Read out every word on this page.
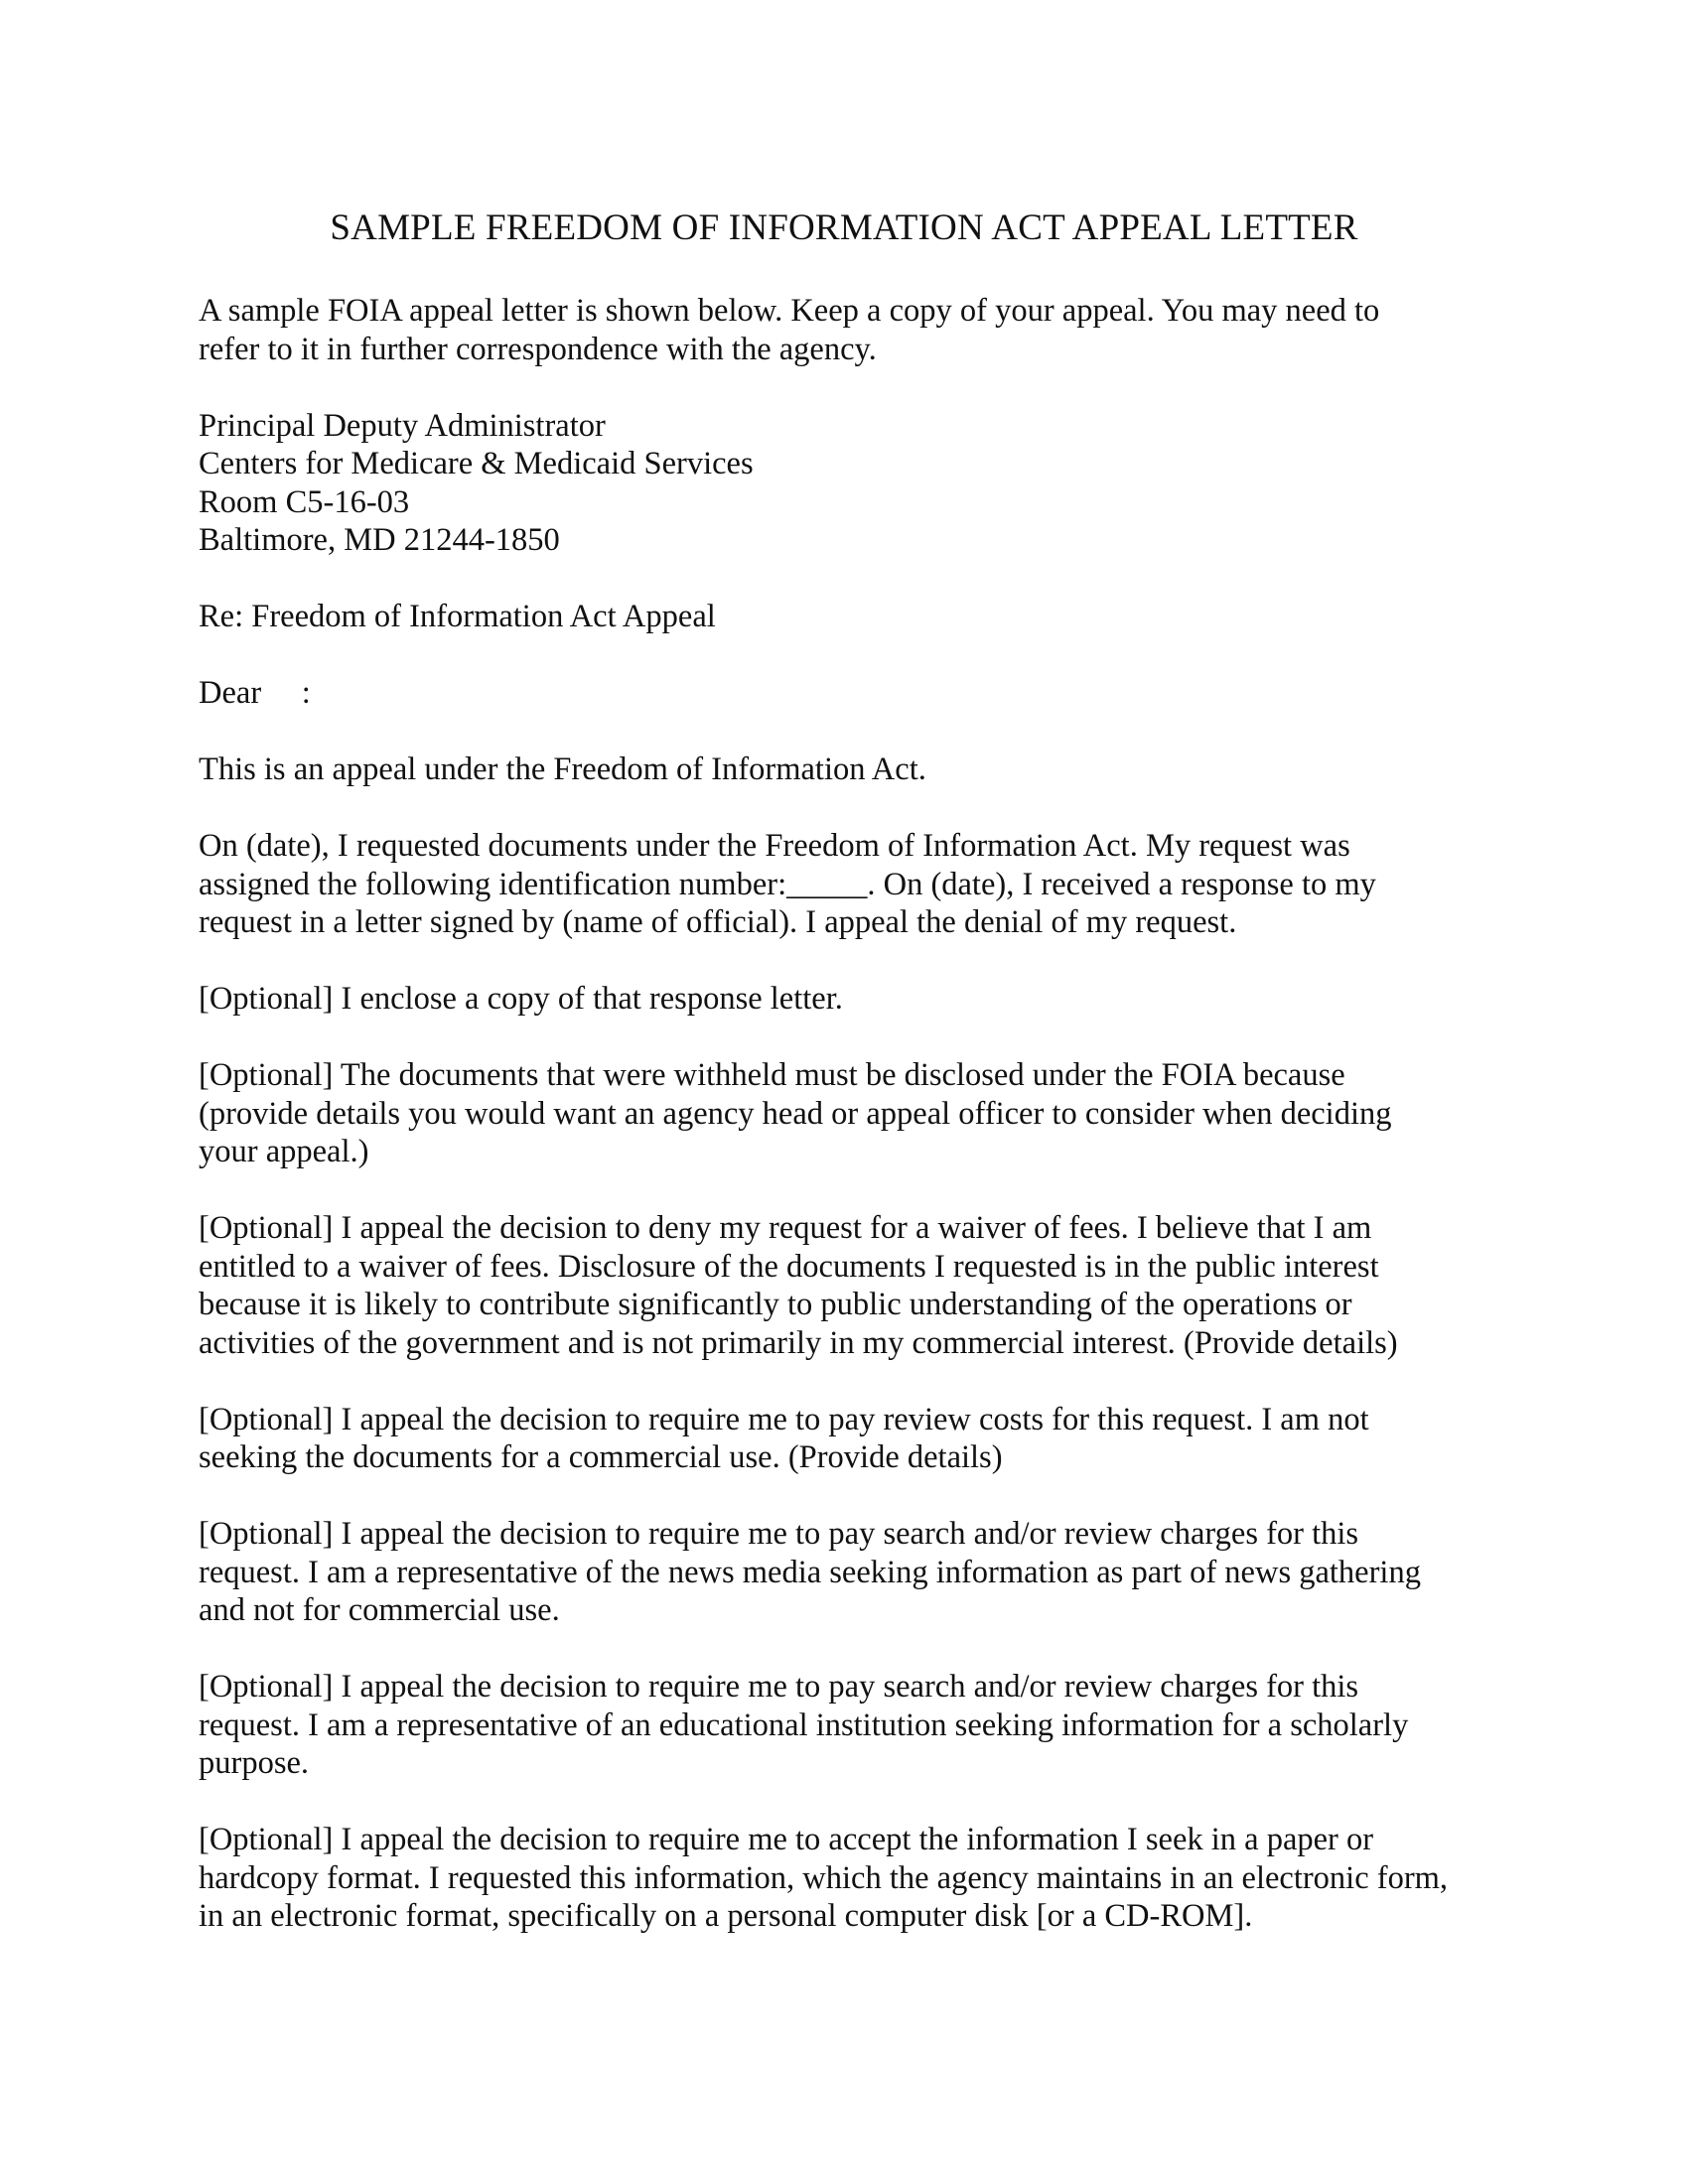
SAMPLE FREEDOM OF INFORMATION ACT APPEAL LETTER

A sample FOIA appeal letter is shown below. Keep a copy of your appeal. You may need to
refer to it in further correspondence with the agency.

Principal Deputy Administrator

Centers for Medicare & Medicaid Services

Room C5-16-03

Baltimore, MD 21244-1850

Re: Freedom of Information Act Appeal

Dear     :

This is an appeal under the Freedom of Information Act.

On (date), I requested documents under the Freedom of Information Act. My request was
assigned the following identification number:_____. On (date), I received a response to my
request in a letter signed by (name of official). I appeal the denial of my request.

[Optional] I enclose a copy of that response letter.

[Optional] The documents that were withheld must be disclosed under the FOIA because
(provide details you would want an agency head or appeal officer to consider when deciding
your appeal.)

[Optional] I appeal the decision to deny my request for a waiver of fees. I believe that I am
entitled to a waiver of fees. Disclosure of the documents I requested is in the public interest
because it is likely to contribute significantly to public understanding of the operations or
activities of the government and is not primarily in my commercial interest. (Provide details)

[Optional] I appeal the decision to require me to pay review costs for this request. I am not
seeking the documents for a commercial use. (Provide details)

[Optional] I appeal the decision to require me to pay search and/or review charges for this
request. I am a representative of the news media seeking information as part of news gathering
and not for commercial use.

[Optional] I appeal the decision to require me to pay search and/or review charges for this
request. I am a representative of an educational institution seeking information for a scholarly
purpose.

[Optional] I appeal the decision to require me to accept the information I seek in a paper or
hardcopy format. I requested this information, which the agency maintains in an electronic form,
in an electronic format, specifically on a personal computer disk [or a CD-ROM].
